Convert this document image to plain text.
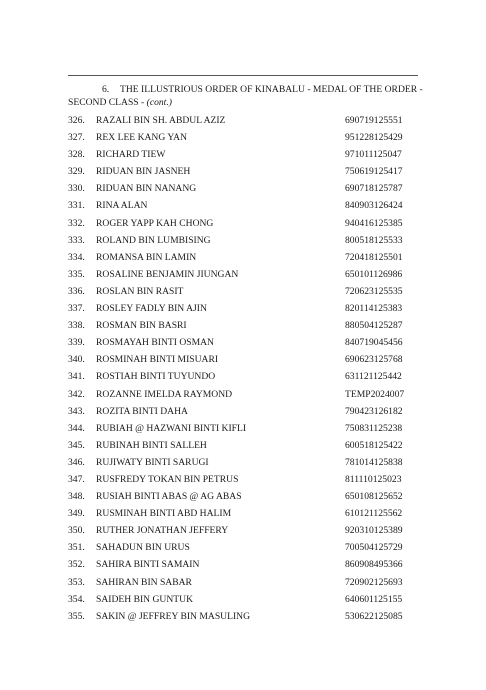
6. THE ILLUSTRIOUS ORDER OF KINABALU - MEDAL OF THE ORDER -
SECOND CLASS - (cont.)
326.	RAZALI BIN SH. ABDUL AZIZ	690719125551
327.	REX LEE KANG YAN	951228125429
328.	RICHARD TIEW	971011125047
329.	RIDUAN BIN JASNEH	750619125417
330.	RIDUAN BIN NANANG	690718125787
331.	RINA ALAN	840903126424
332.	ROGER YAPP KAH CHONG	940416125385
333.	ROLAND BIN LUMBISING	800518125533
334.	ROMANSA BIN LAMIN	720418125501
335.	ROSALINE BENJAMIN JIUNGAN	650101126986
336.	ROSLAN BIN RASIT	720623125535
337.	ROSLEY FADLY BIN AJIN	820114125383
338.	ROSMAN BIN BASRI	880504125287
339.	ROSMAYAH BINTI OSMAN	840719045456
340.	ROSMINAH BINTI MISUARI	690623125768
341.	ROSTIAH BINTI TUYUNDO	631121125442
342.	ROZANNE IMELDA RAYMOND	TEMP2024007
343.	ROZITA BINTI DAHA	790423126182
344.	RUBIAH @ HAZWANI BINTI KIFLI	750831125238
345.	RUBINAH BINTI SALLEH	600518125422
346.	RUJIWATY BINTI SARUGI	781014125838
347.	RUSFREDY TOKAN BIN PETRUS	811110125023
348.	RUSIAH BINTI ABAS @ AG ABAS	650108125652
349.	RUSMINAH BINTI ABD HALIM	610121125562
350.	RUTHER JONATHAN JEFFERY	920310125389
351.	SAHADUN BIN URUS	700504125729
352.	SAHIRA BINTI SAMAIN	860908495366
353.	SAHIRAN BIN SABAR	720902125693
354.	SAIDEH BIN GUNTUK	640601125155
355.	SAKIN @ JEFFREY BIN MASULING	530622125085
